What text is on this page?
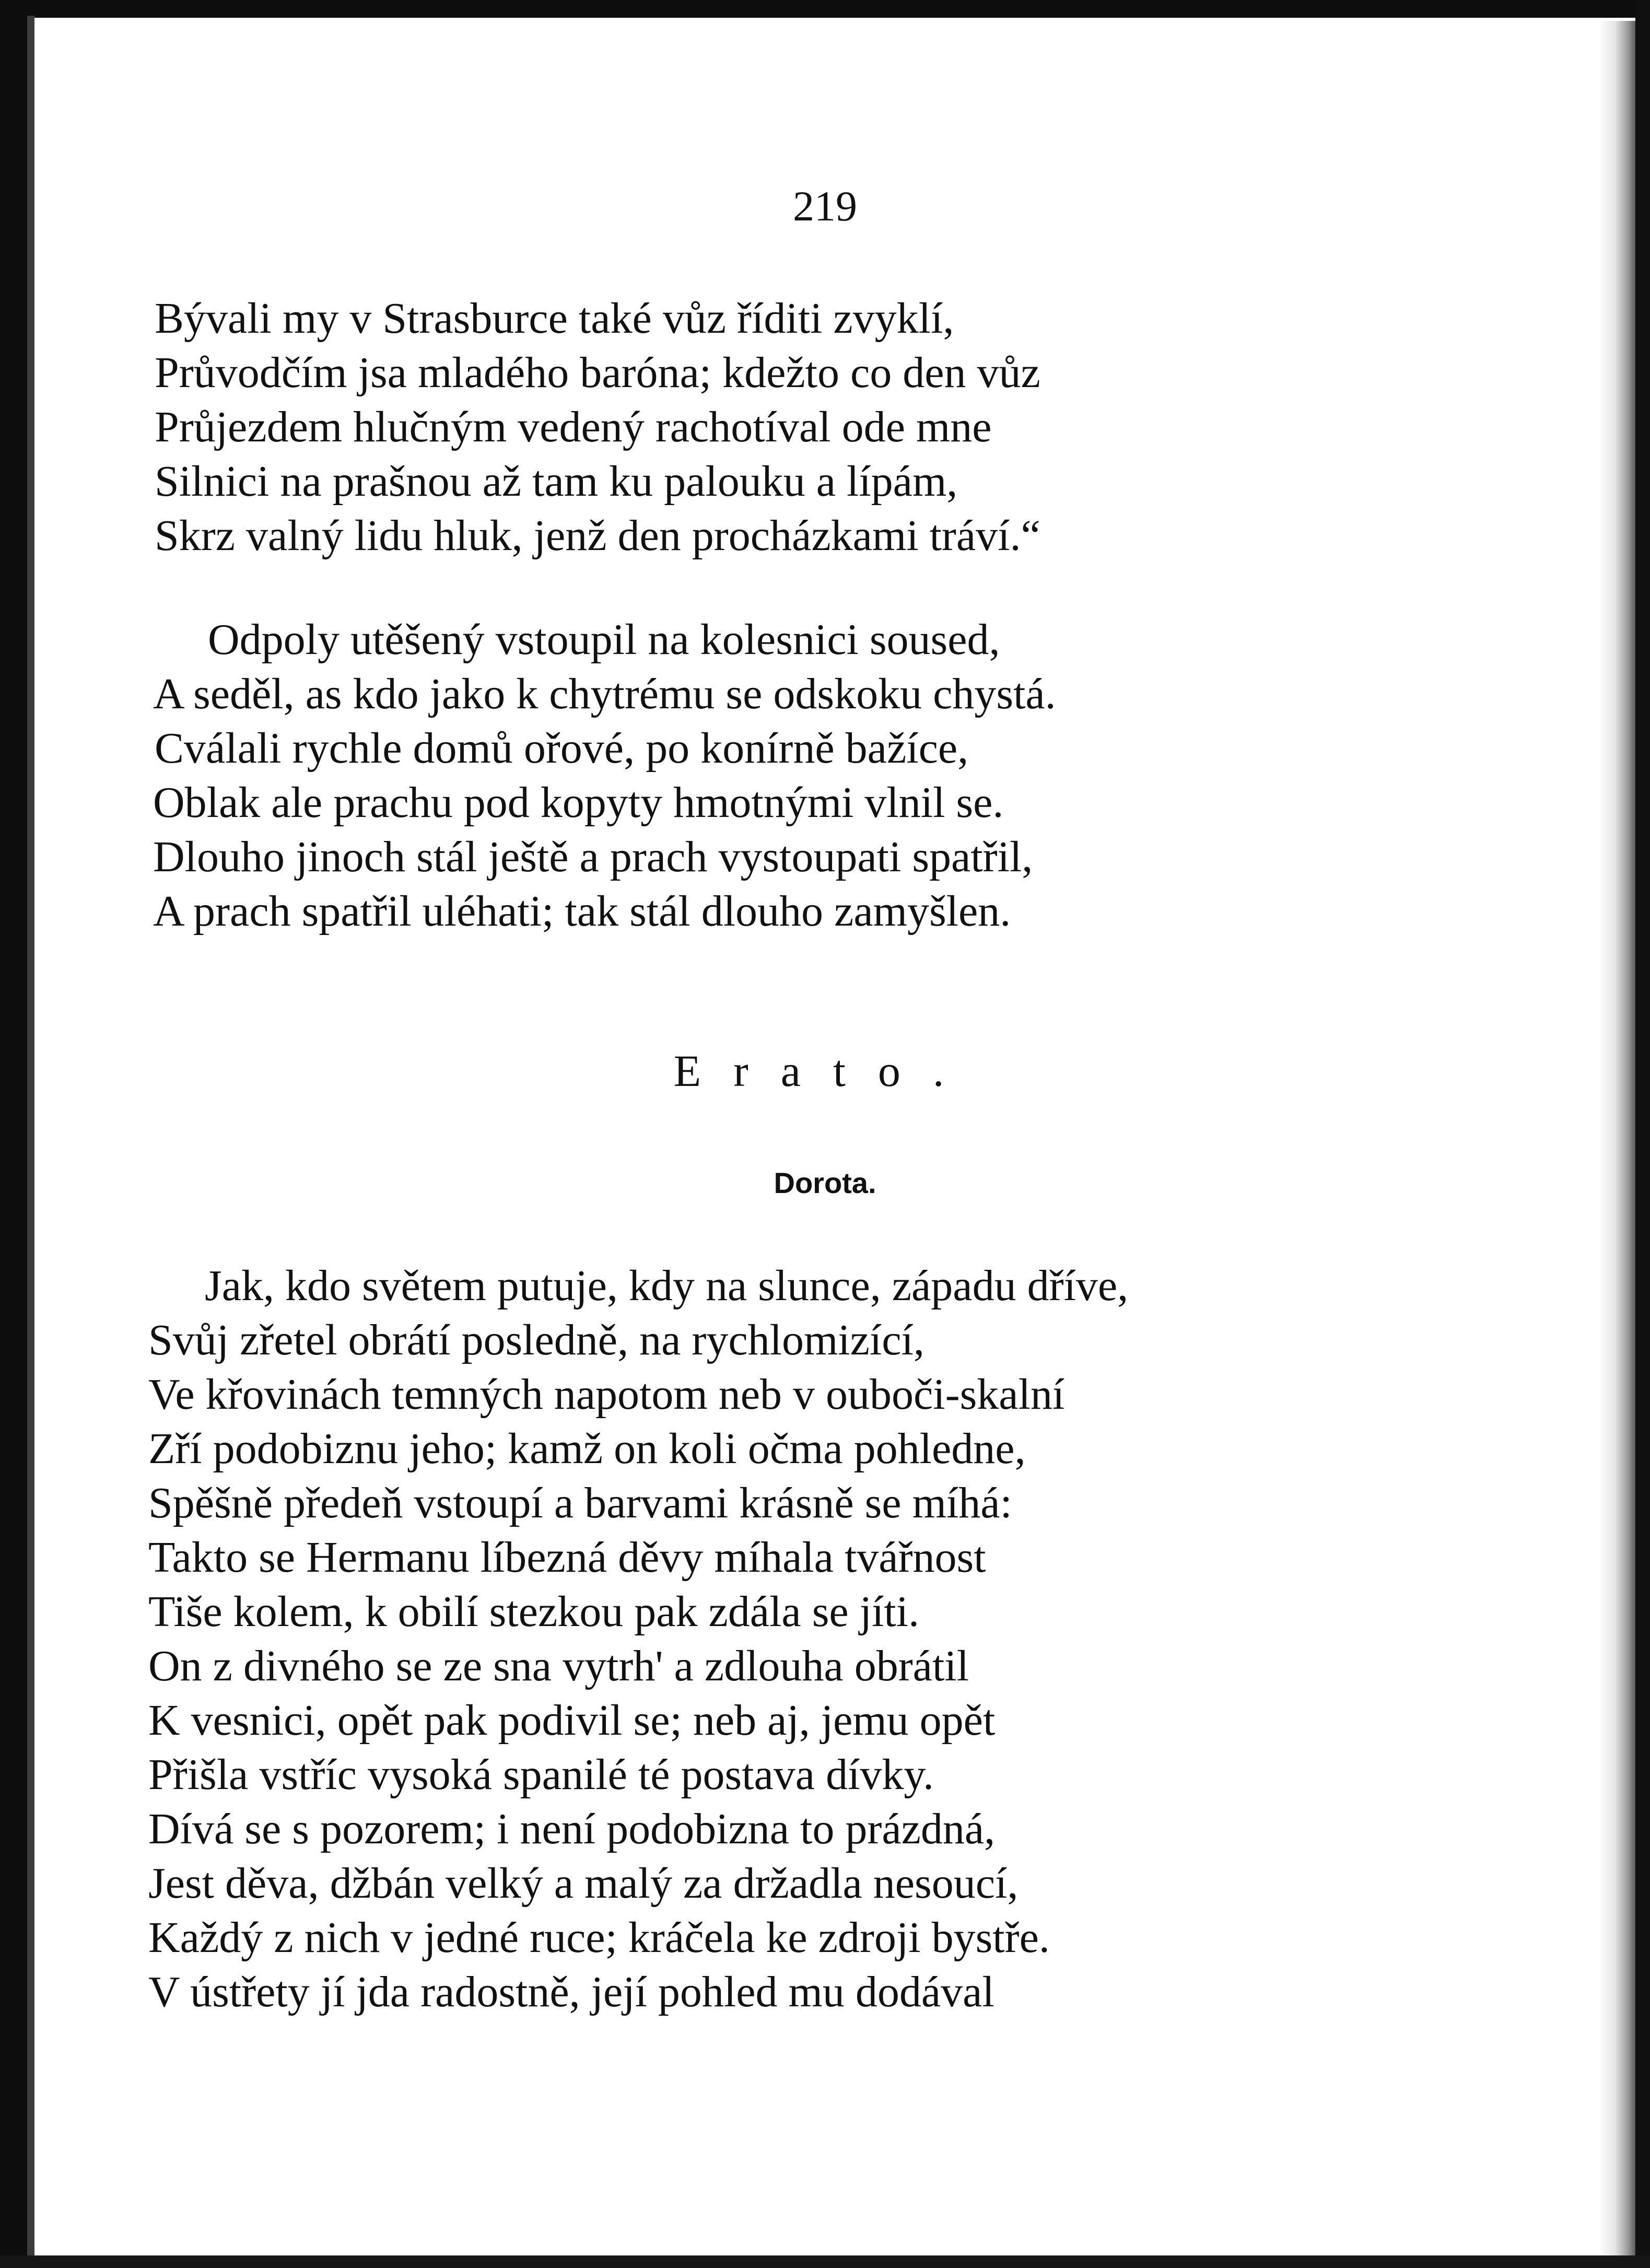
219
Bývali my v Strasburce také vůz říditi zvyklí,
Průvodčím jsa mladého baróna; kdežto co den vůz
Průjezdem hlučným vedený rachotíval ode mne
Silnici na prašnou až tam ku palouku a lípám,
Skrz valný lidu hluk, jenž den procházkami tráví.“
Odpoly utěšený vstoupil na kolesnici soused,
A seděl, as kdo jako k chytrému se odskoku chystá.
Cválali rychle domů ořové, po konírně bažíce,
Oblak ale prachu pod kopyty hmotnými vlnil se.
Dlouho jinoch stál ještě a prach vystoupati spatřil,
A prach spatřil uléhati; tak stál dlouho zamyšlen.
Erato.
Dorota.
Jak, kdo světem putuje, kdy na slunce, západu dříve,
Svůj zřetel obrátí posledně, na rychlomizící,
Ve křovinách temných napotom neb v ouboči-skalní
Zří podobiznu jeho; kamž on koli očma pohledne,
Spěšně předeň vstoupí a barvami krásně se míhá:
Takto se Hermanu líbezná děvy míhala tvářnost
Tiše kolem, k obilí stezkou pak zdála se jíti.
On z divného se ze sna vytrh' a zdlouha obrátil
K vesnici, opět pak podivil se; neb aj, jemu opět
Přišla vstříc vysoká spanilé té postava dívky.
Dívá se s pozorem; i není podobizna to prázdná,
Jest děva, džbán velký a malý za držadla nesoucí,
Každý z nich v jedné ruce; kráčela ke zdroji bystře.
V ústřety jí jda radostně, její pohled mu dodával
